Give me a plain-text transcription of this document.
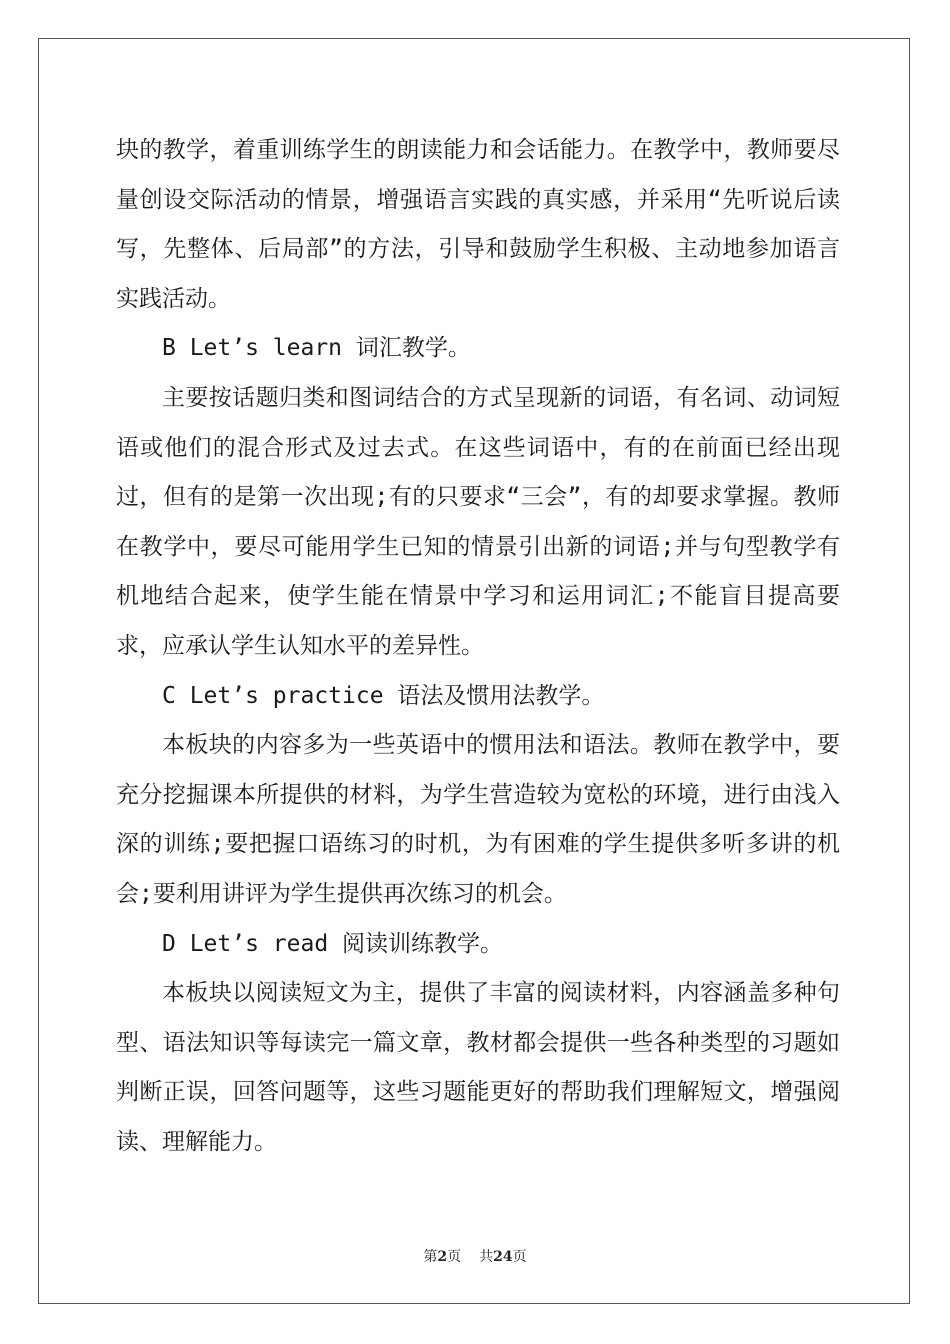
块的教学，着重训练学生的朗读能力和会话能力。在教学中，教师要尽量创设交际活动的情景，增强语言实践的真实感，并采用“先听说后读写，先整体、后局部”的方法，引导和鼓励学生积极、主动地参加语言实践活动。

B Let’s learn 词汇教学。

主要按话题归类和图词结合的方式呈现新的词语，有名词、动词短语或他们的混合形式及过去式。在这些词语中，有的在前面已经出现过，但有的是第一次出现;有的只要求“三会”，有的却要求掌握。教师在教学中，要尽可能用学生已知的情景引出新的词语;并与句型教学有机地结合起来，使学生能在情景中学习和运用词汇;不能盲目提高要求，应承认学生认知水平的差异性。

C Let’s practice 语法及惯用法教学。

本板块的内容多为一些英语中的惯用法和语法。教师在教学中，要充分挖掘课本所提供的材料，为学生营造较为宽松的环境，进行由浅入深的训练;要把握口语练习的时机，为有困难的学生提供多听多讲的机会;要利用讲评为学生提供再次练习的机会。

D Let’s read 阅读训练教学。

本板块以阅读短文为主，提供了丰富的阅读材料，内容涵盖多种句型、语法知识等每读完一篇文章，教材都会提供一些各种类型的习题如判断正误，回答问题等，这些习题能更好的帮助我们理解短文，增强阅读、理解能力。

第2页 共24页
